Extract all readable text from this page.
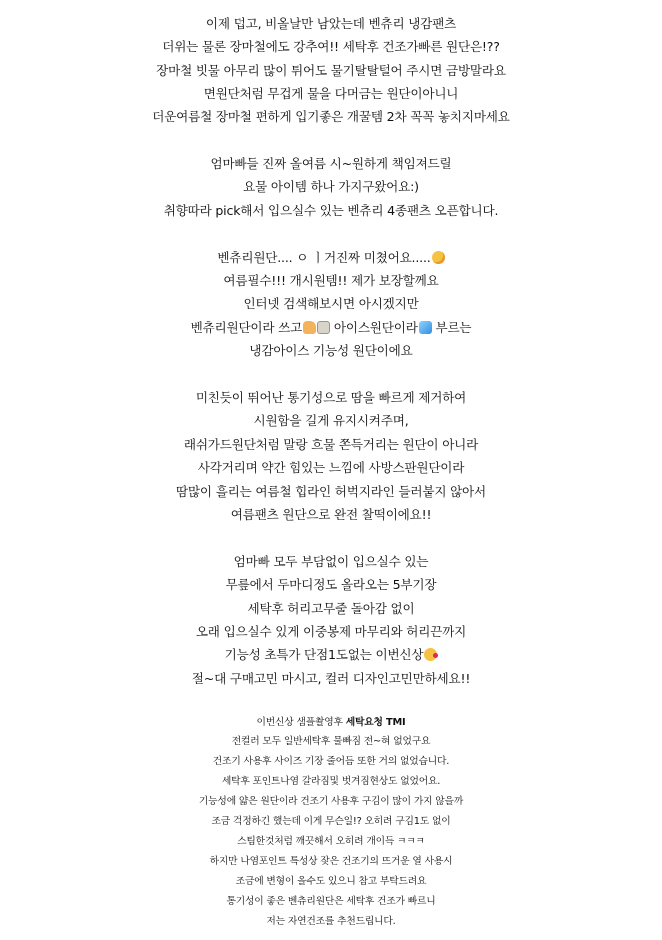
이제 덥고, 비올날만 남았는데 벤츄리 냉감팬츠
더위는 물론 장마철에도 강추여!! 세탁후 건조가빠른 원단은!??
장마철 빗물 아무리 많이 튀어도 물기탈탈털어 주시면 금방말라요
면원단처럼 무겁게 물을 다머금는 원단이아니니
더운여름철 장마철 편하게 입기좋은 개꿀템 2차 꼭꼭 놓치지마세요
엄마빠들 진짜 올여름 시~원하게 책임져드릴
요물 아이템 하나 가지구왔어요:)
취향따라 pick해서 입으실수 있는 벤츄리 4종팬츠 오픈합니다.
벤츄리원단.... ㅇ ㅣ거진짜 미쳤어요.....
여름필수!!! 개시원템!! 제가 보장할께요
인터넷 검색해보시면 아시겠지만
벤츄리원단이라 쓰고 아이스원단이라 부르는
냉감아이스 기능성 원단이에요
미친듯이 뛰어난 통기성으로 땀을 빠르게 제거하여
시원함을 길게 유지시켜주며,
래쉬가드원단처럼 말랑 흐물 쫀득거리는 원단이 아니라
사각거리며 약간 힘있는 느낌에 사방스판원단이라
땀많이 흘리는 여름철 힙라인 허벅지라인 들러붙지 않아서
여름팬츠 원단으로 완전 찰떡이에요!!
엄마빠 모두 부담없이 입으실수 있는
무릎에서 두마디정도 올라오는 5부기장
세탁후 허리고무줄 돌아감 없이
오래 입으실수 있게 이중봉제 마무리와 허리끈까지
기능성 초특가 단점1도없는 이번신상
절~대 구매고민 마시고, 컬러 디자인고민만하세요!!
이번신상 샘플촬영후 세탁요청 TMI
전컬러 모두 일반세탁후 물빠짐 전~혀 없었구요
건조기 사용후 사이즈 기장 줄어듬 또한 거의 없었습니다.
세탁후 포인트나염 갈라짐및 벗겨짐현상도 없었어요.
기능성에 얇은 원단이라 건조기 사용후 구김이 많이 가지 않을까
조금 걱정하긴 했는데 이게 무슨일!? 오히려 구김1도 없이
스팀한것처럼 깨끗해서 오히려 개이득 ㅋㅋㅋ
하지만 나염포인트 특성상 잦은 건조기의 뜨거운 열 사용시
조금에 변형이 올수도 있으니 참고 부탁드려요
통기성이 좋은 벤츄리원단은 세탁후 건조가 빠르니
저는 자연건조를 추천드립니다.
